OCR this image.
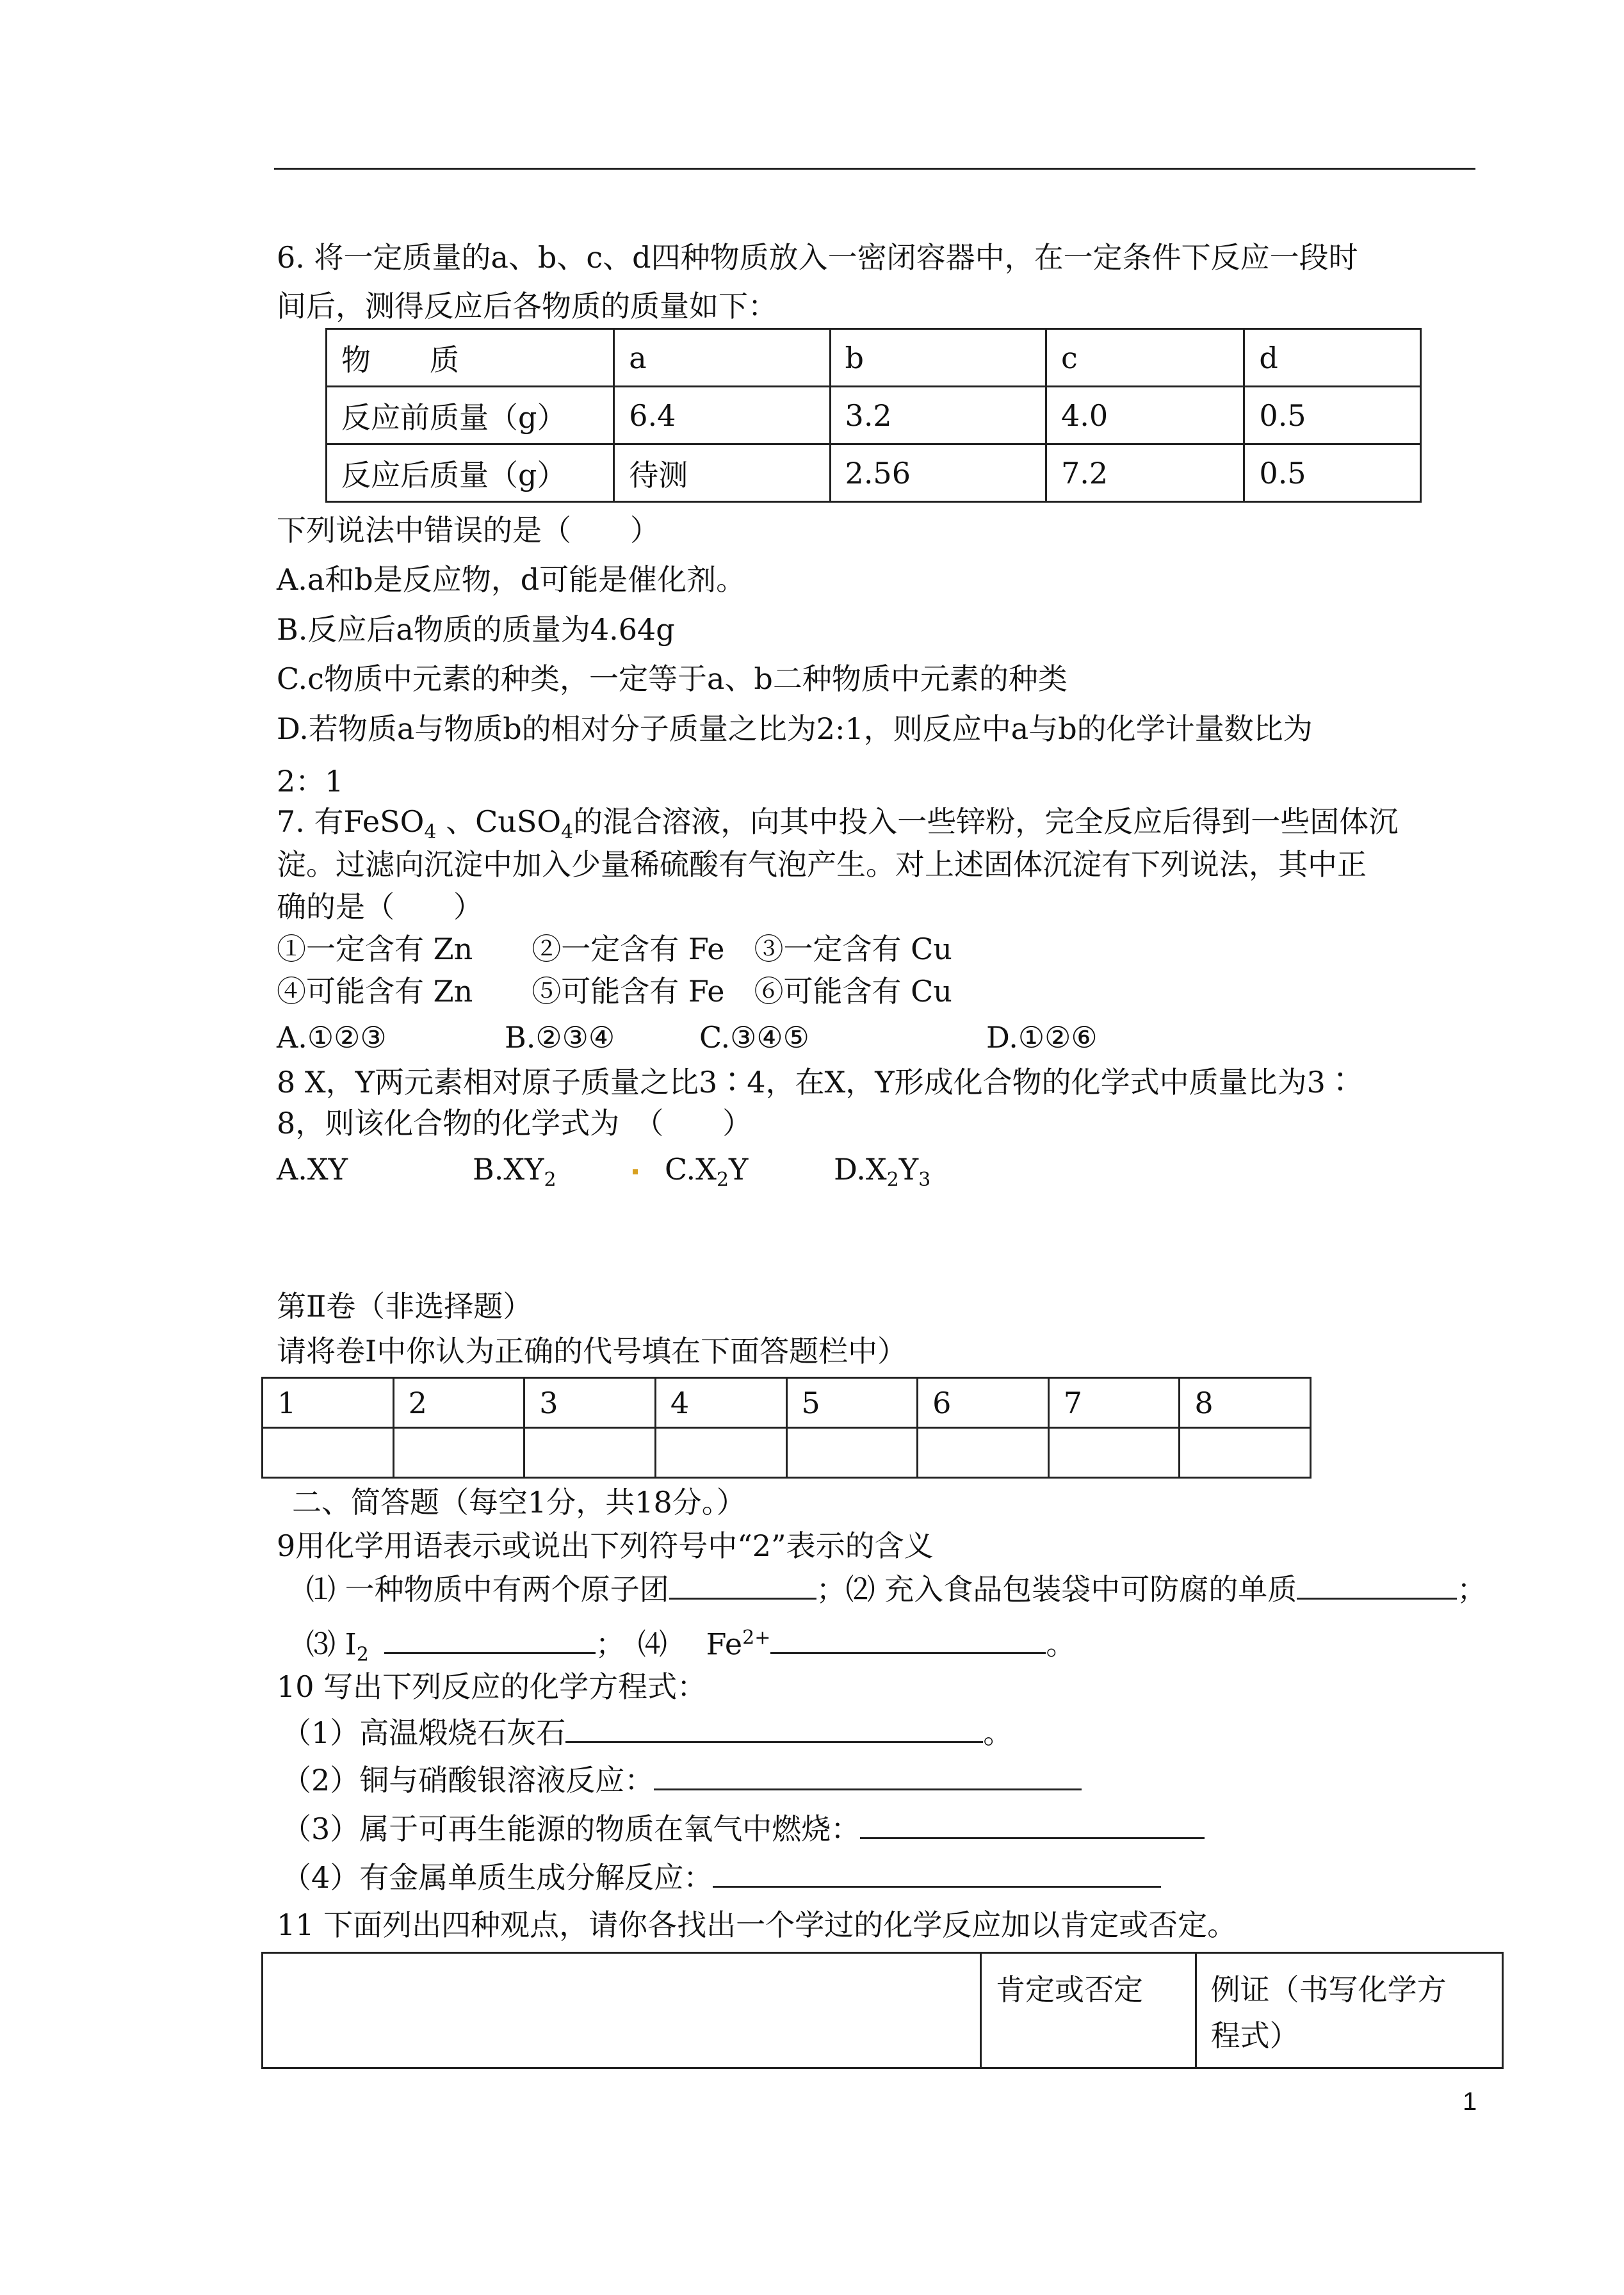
6. 将一定质量的a、b、c、d四种物质放入一密闭容器中，在一定条件下反应一段时
间后，测得反应后各物质的质量如下：
物　　质	a	b	c	d
反应前质量（g）	6.4	3.2	4.0	0.5
反应后质量（g）	待测	2.56	7.2	0.5
下列说法中错误的是（　　）
A.a和b是反应物，d可能是催化剂。
B.反应后a物质的质量为4.64g
C.c物质中元素的种类，一定等于a、b二种物质中元素的种类
D.若物质a与物质b的相对分子质量之比为2:1，则反应中a与b的化学计量数比为
2：1
7. 有FeSO$_4$ 、CuSO$_4$的混合溶液，向其中投入一些锌粉，完全反应后得到一些固体沉
淀。过滤向沉淀中加入少量稀硫酸有气泡产生。对上述固体沉淀有下列说法，其中正
确的是（　　）
①一定含有 Zn　　②一定含有 Fe　③一定含有 Cu
④可能含有 Zn　　⑤可能含有 Fe　⑥可能含有 Cu
A.①②③	B.②③④	C.③④⑤	D.①②⑥
8 X，Y两元素相对原子质量之比3∶4，在X，Y形成化合物的化学式中质量比为3∶
8，则该化合物的化学式为　（　　）
A.XY	$B.XY_2$	$C.X_2Y$	$D.X_2Y_3$
第Ⅱ卷（非选择题）
请将卷Ⅰ中你认为正确的代号填在下面答题栏中）
1	2	3	4	5	6	7	8

二、简答题（每空1分，共18分。）
9用化学用语表示或说出下列符号中“2”表示的含义
⑴ 一种物质中有两个原子团	；⑵ 充入食品包装袋中可防腐的单质	；
⑶ $I_2$	； ⑷　 $Fe^{2+}$	。
10 写出下列反应的化学方程式：
（1）高温煅烧石灰石	。
（2）铜与硝酸银溶液反应：
（3）属于可再生能源的物质在氧气中燃烧：
（4）有金属单质生成分解反应：
11 下面列出四种观点，请你各找出一个学过的化学反应加以肯定或否定。
	肯定或否定	例证（书写化学方
程式）
1
